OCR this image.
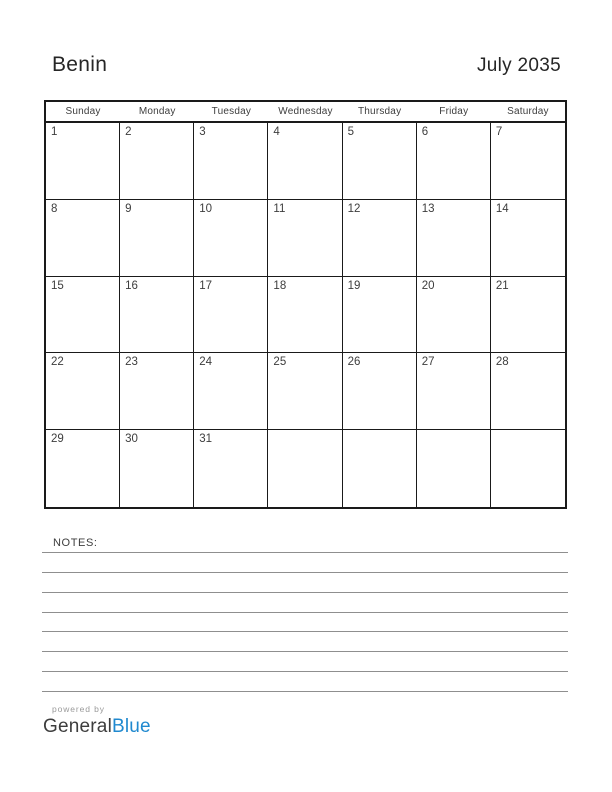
Benin	July 2035
Sunday	Monday	Tuesday	Wednesday	Thursday	Friday	Saturday
1	2	3	4	5	6	7
8	9	10	11	12	13	14
15	16	17	18	19	20	21
22	23	24	25	26	27	28
29	30	31
NOTES:
powered by
GeneralBlue
